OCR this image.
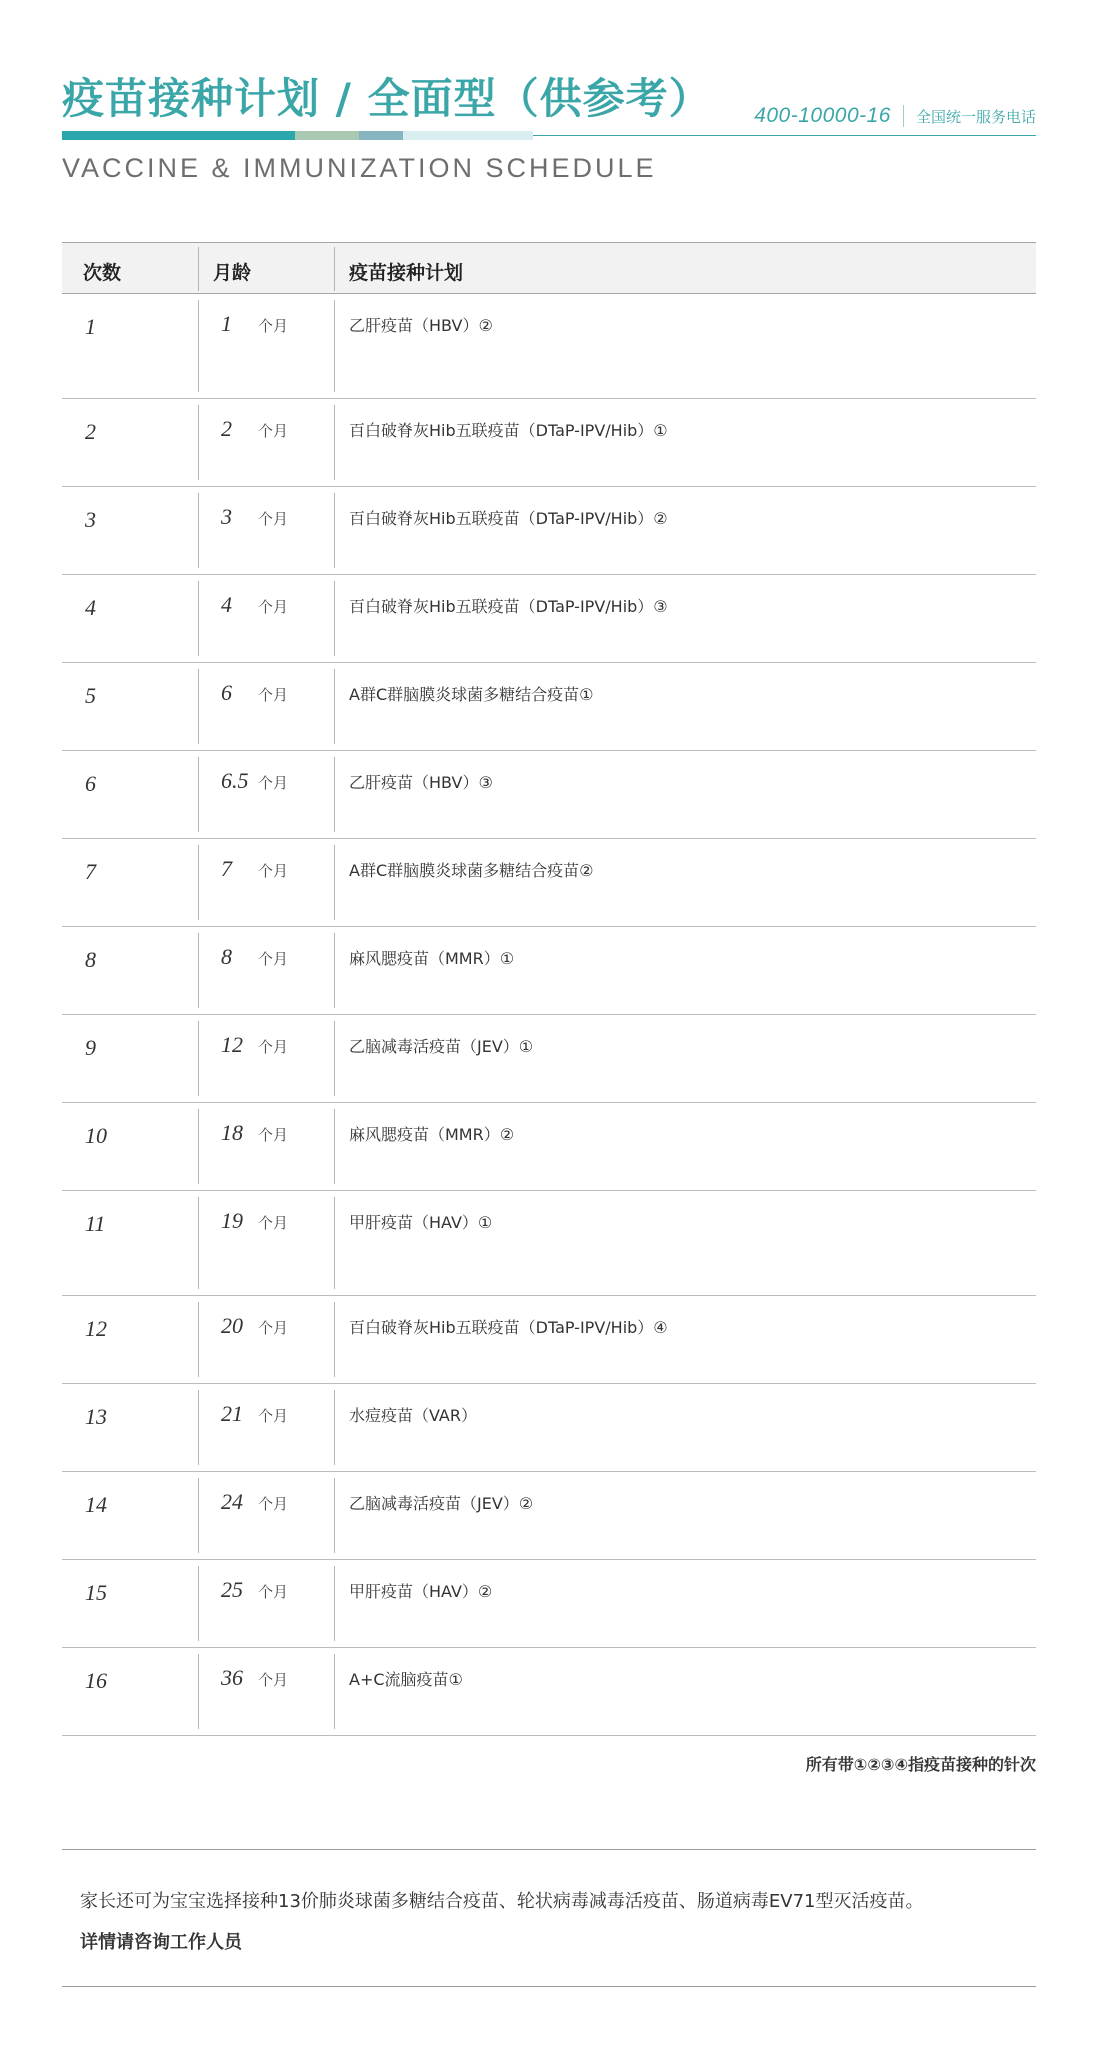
疫苗接种计划 / 全面型（供参考） 400-10000-16 全国统一服务电话
VACCINE & IMMUNIZATION SCHEDULE
次数	月龄	疫苗接种计划
1	1	个月	乙肝疫苗（HBV）②
2	2	个月	百白破脊灰Hib五联疫苗（DTaP-IPV/Hib）①
3	3	个月	百白破脊灰Hib五联疫苗（DTaP-IPV/Hib）②
4	4	个月	百白破脊灰Hib五联疫苗（DTaP-IPV/Hib）③
5	6	个月	A群C群脑膜炎球菌多糖结合疫苗①
6	6.5 个月	乙肝疫苗（HBV）③
7	7	个月	A群C群脑膜炎球菌多糖结合疫苗②
8	8	个月	麻风腮疫苗（MMR）①
9	12	个月	乙脑减毒活疫苗（JEV）①
10	18	个月	麻风腮疫苗（MMR）②
11	19	个月	甲肝疫苗（HAV）①
12	20	个月	百白破脊灰Hib五联疫苗（DTaP-IPV/Hib）④
13	21	个月	水痘疫苗（VAR）
14	24	个月	乙脑减毒活疫苗（JEV）②
15	25	个月	甲肝疫苗（HAV）②
16	36	个月	A+C流脑疫苗①
所有带①②③④指疫苗接种的针次
家长还可为宝宝选择接种13价肺炎球菌多糖结合疫苗、轮状病毒减毒活疫苗、肠道病毒EV71型灭活疫苗。
详情请咨询工作人员
